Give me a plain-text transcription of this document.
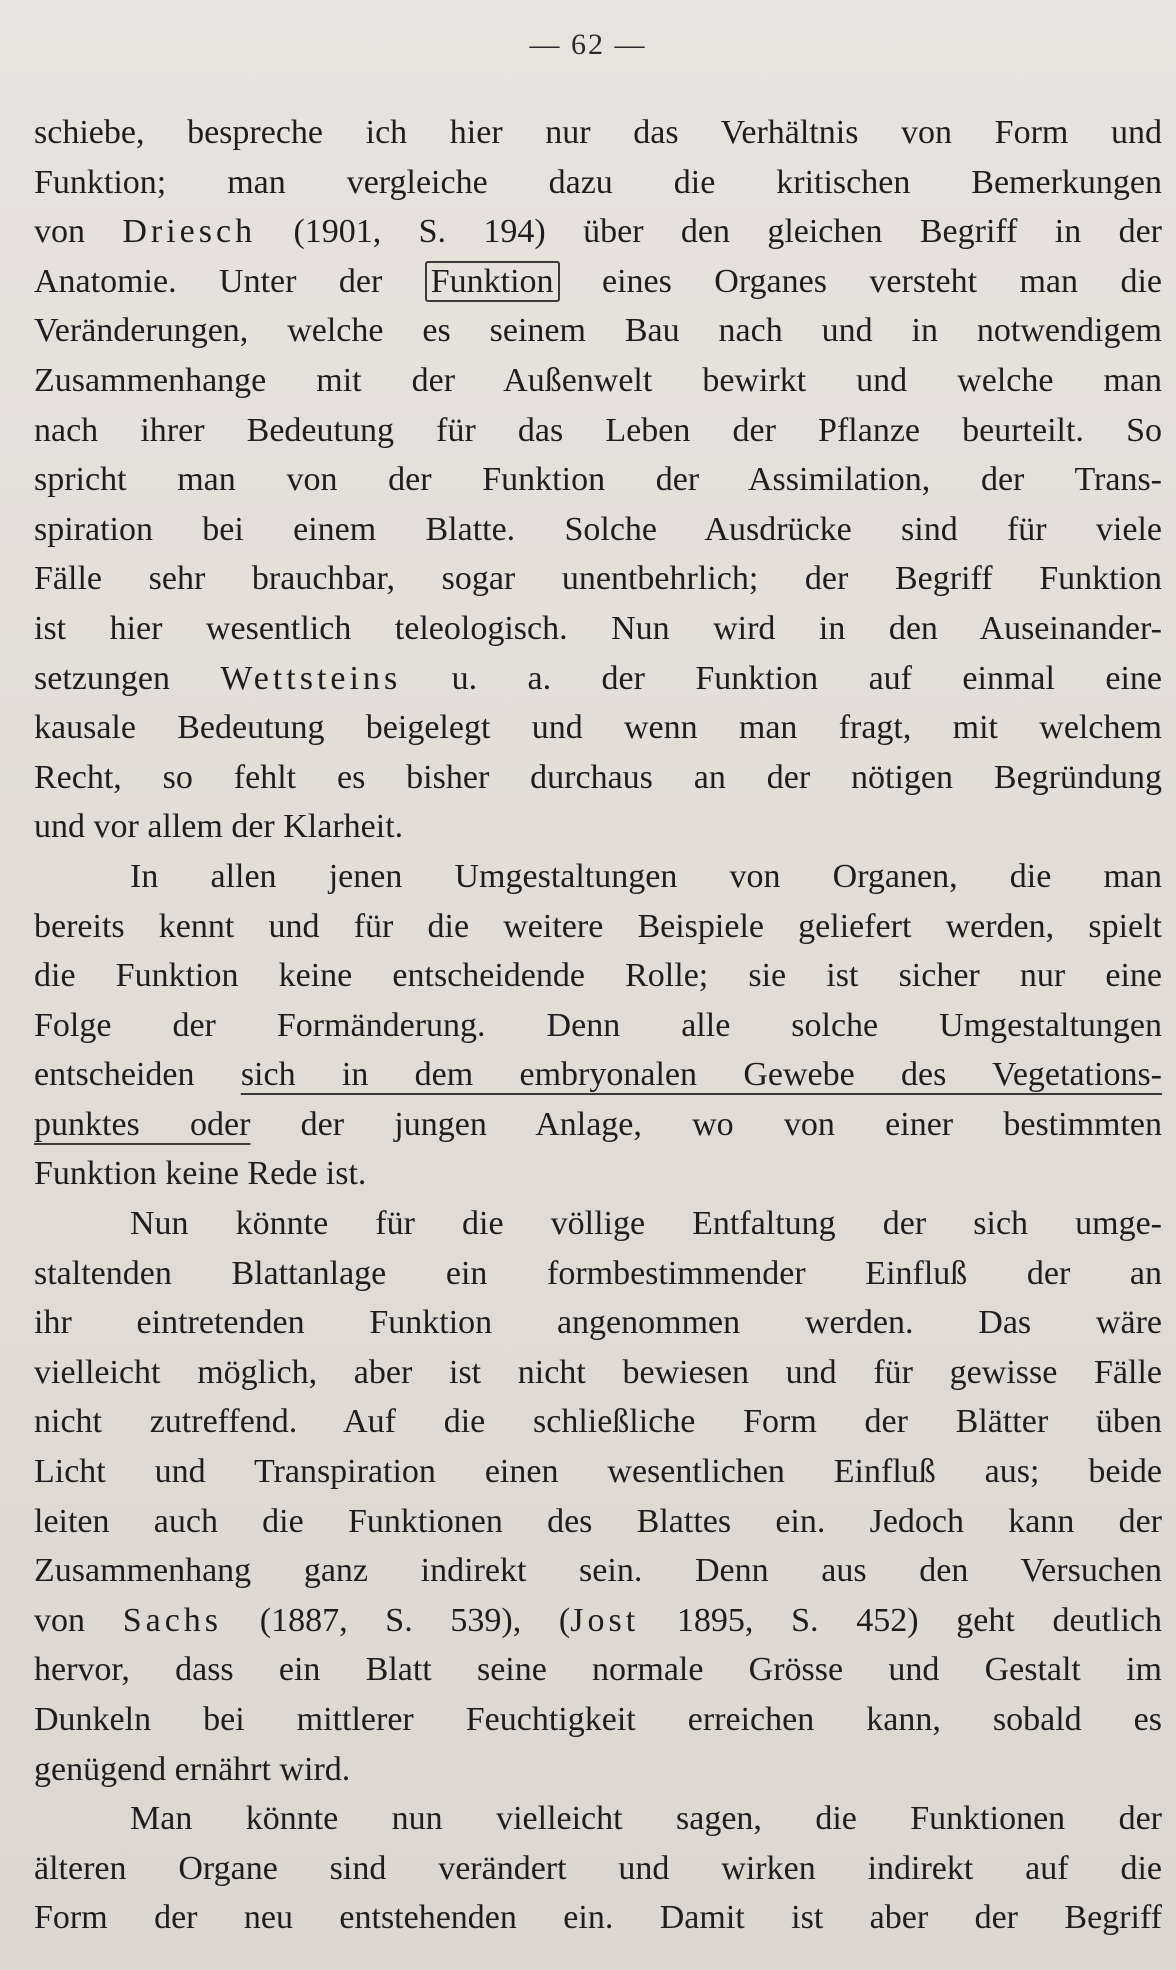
— 62 —
schiebe, bespreche ich hier nur das Verhältnis von Form und
Funktion; man vergleiche dazu die kritischen Bemerkungen
von Driesch (1901, S. 194) über den gleichen Begriff in der
Anatomie. Unter der Funktion eines Organes versteht man die
Veränderungen, welche es seinem Bau nach und in notwendigem
Zusammenhange mit der Außenwelt bewirkt und welche man
nach ihrer Bedeutung für das Leben der Pflanze beurteilt. So
spricht man von der Funktion der Assimilation, der Trans-
spiration bei einem Blatte. Solche Ausdrücke sind für viele
Fälle sehr brauchbar, sogar unentbehrlich; der Begriff Funktion
ist hier wesentlich teleologisch. Nun wird in den Auseinander-
setzungen Wettsteins u. a. der Funktion auf einmal eine
kausale Bedeutung beigelegt und wenn man fragt, mit welchem
Recht, so fehlt es bisher durchaus an der nötigen Begründung
und vor allem der Klarheit.
In allen jenen Umgestaltungen von Organen, die man
bereits kennt und für die weitere Beispiele geliefert werden, spielt
die Funktion keine entscheidende Rolle; sie ist sicher nur eine
Folge der Formänderung. Denn alle solche Umgestaltungen
entscheiden sich in dem embryonalen Gewebe des Vegetations-
punktes oder der jungen Anlage, wo von einer bestimmten
Funktion keine Rede ist.
Nun könnte für die völlige Entfaltung der sich umge-
staltenden Blattanlage ein formbestimmender Einfluß der an
ihr eintretenden Funktion angenommen werden. Das wäre
vielleicht möglich, aber ist nicht bewiesen und für gewisse Fälle
nicht zutreffend. Auf die schließliche Form der Blätter üben
Licht und Transpiration einen wesentlichen Einfluß aus; beide
leiten auch die Funktionen des Blattes ein. Jedoch kann der
Zusammenhang ganz indirekt sein. Denn aus den Versuchen
von Sachs (1887, S. 539), (Jost 1895, S. 452) geht deutlich
hervor, dass ein Blatt seine normale Grösse und Gestalt im
Dunkeln bei mittlerer Feuchtigkeit erreichen kann, sobald es
genügend ernährt wird.
Man könnte nun vielleicht sagen, die Funktionen der
älteren Organe sind verändert und wirken indirekt auf die
Form der neu entstehenden ein. Damit ist aber der Begriff
